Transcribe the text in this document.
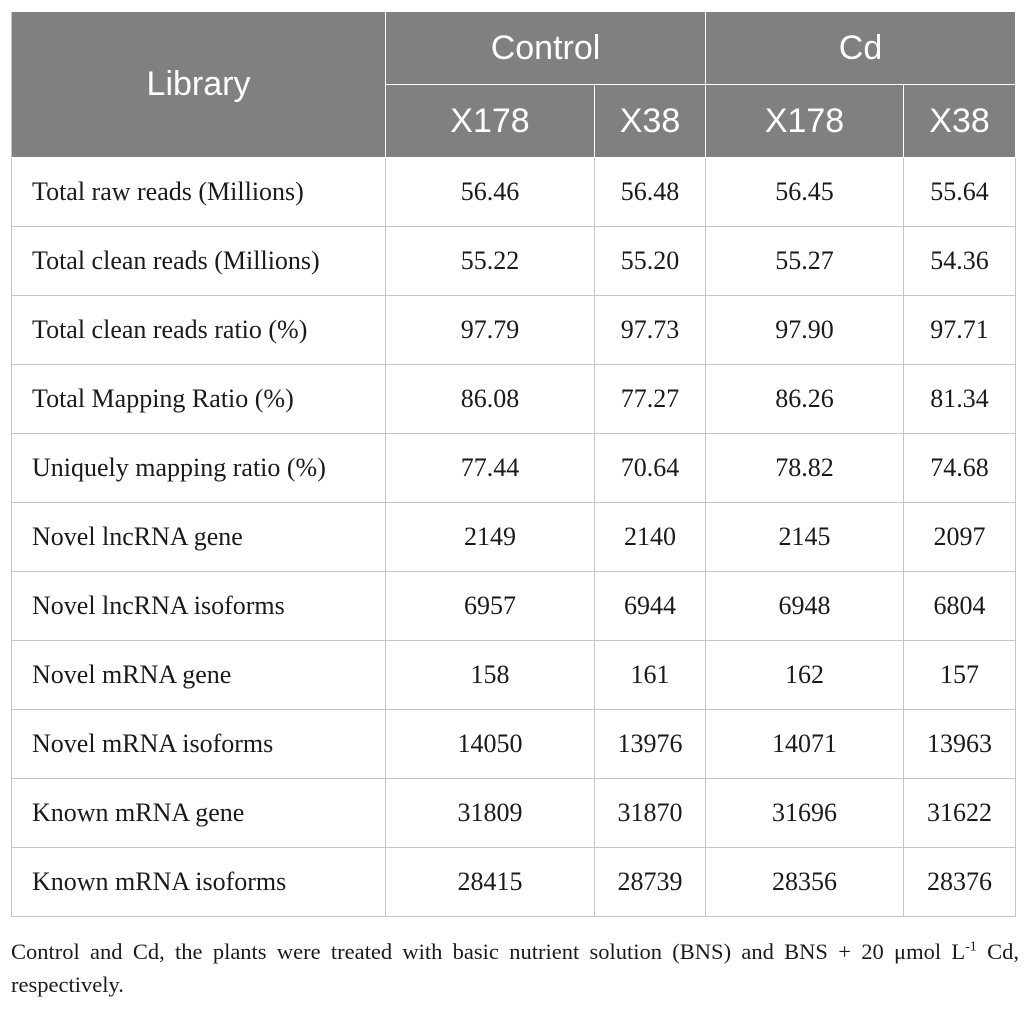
Library	Control		Cd	
	X178	X38	X178	X38
Total raw reads (Millions)	56.46	56.48	56.45	55.64
Total clean reads (Millions)	55.22	55.20	55.27	54.36
Total clean reads ratio (%)	97.79	97.73	97.90	97.71
Total Mapping Ratio (%)	86.08	77.27	86.26	81.34
Uniquely mapping ratio (%)	77.44	70.64	78.82	74.68
Novel lncRNA gene	2149	2140	2145	2097
Novel lncRNA isoforms	6957	6944	6948	6804
Novel mRNA gene	158	161	162	157
Novel mRNA isoforms	14050	13976	14071	13963
Known mRNA gene	31809	31870	31696	31622
Known mRNA isoforms	28415	28739	28356	28376
Control and Cd, the plants were treated with basic nutrient solution (BNS) and BNS + 20 μmol $L^{-1}$ Cd, respectively.
